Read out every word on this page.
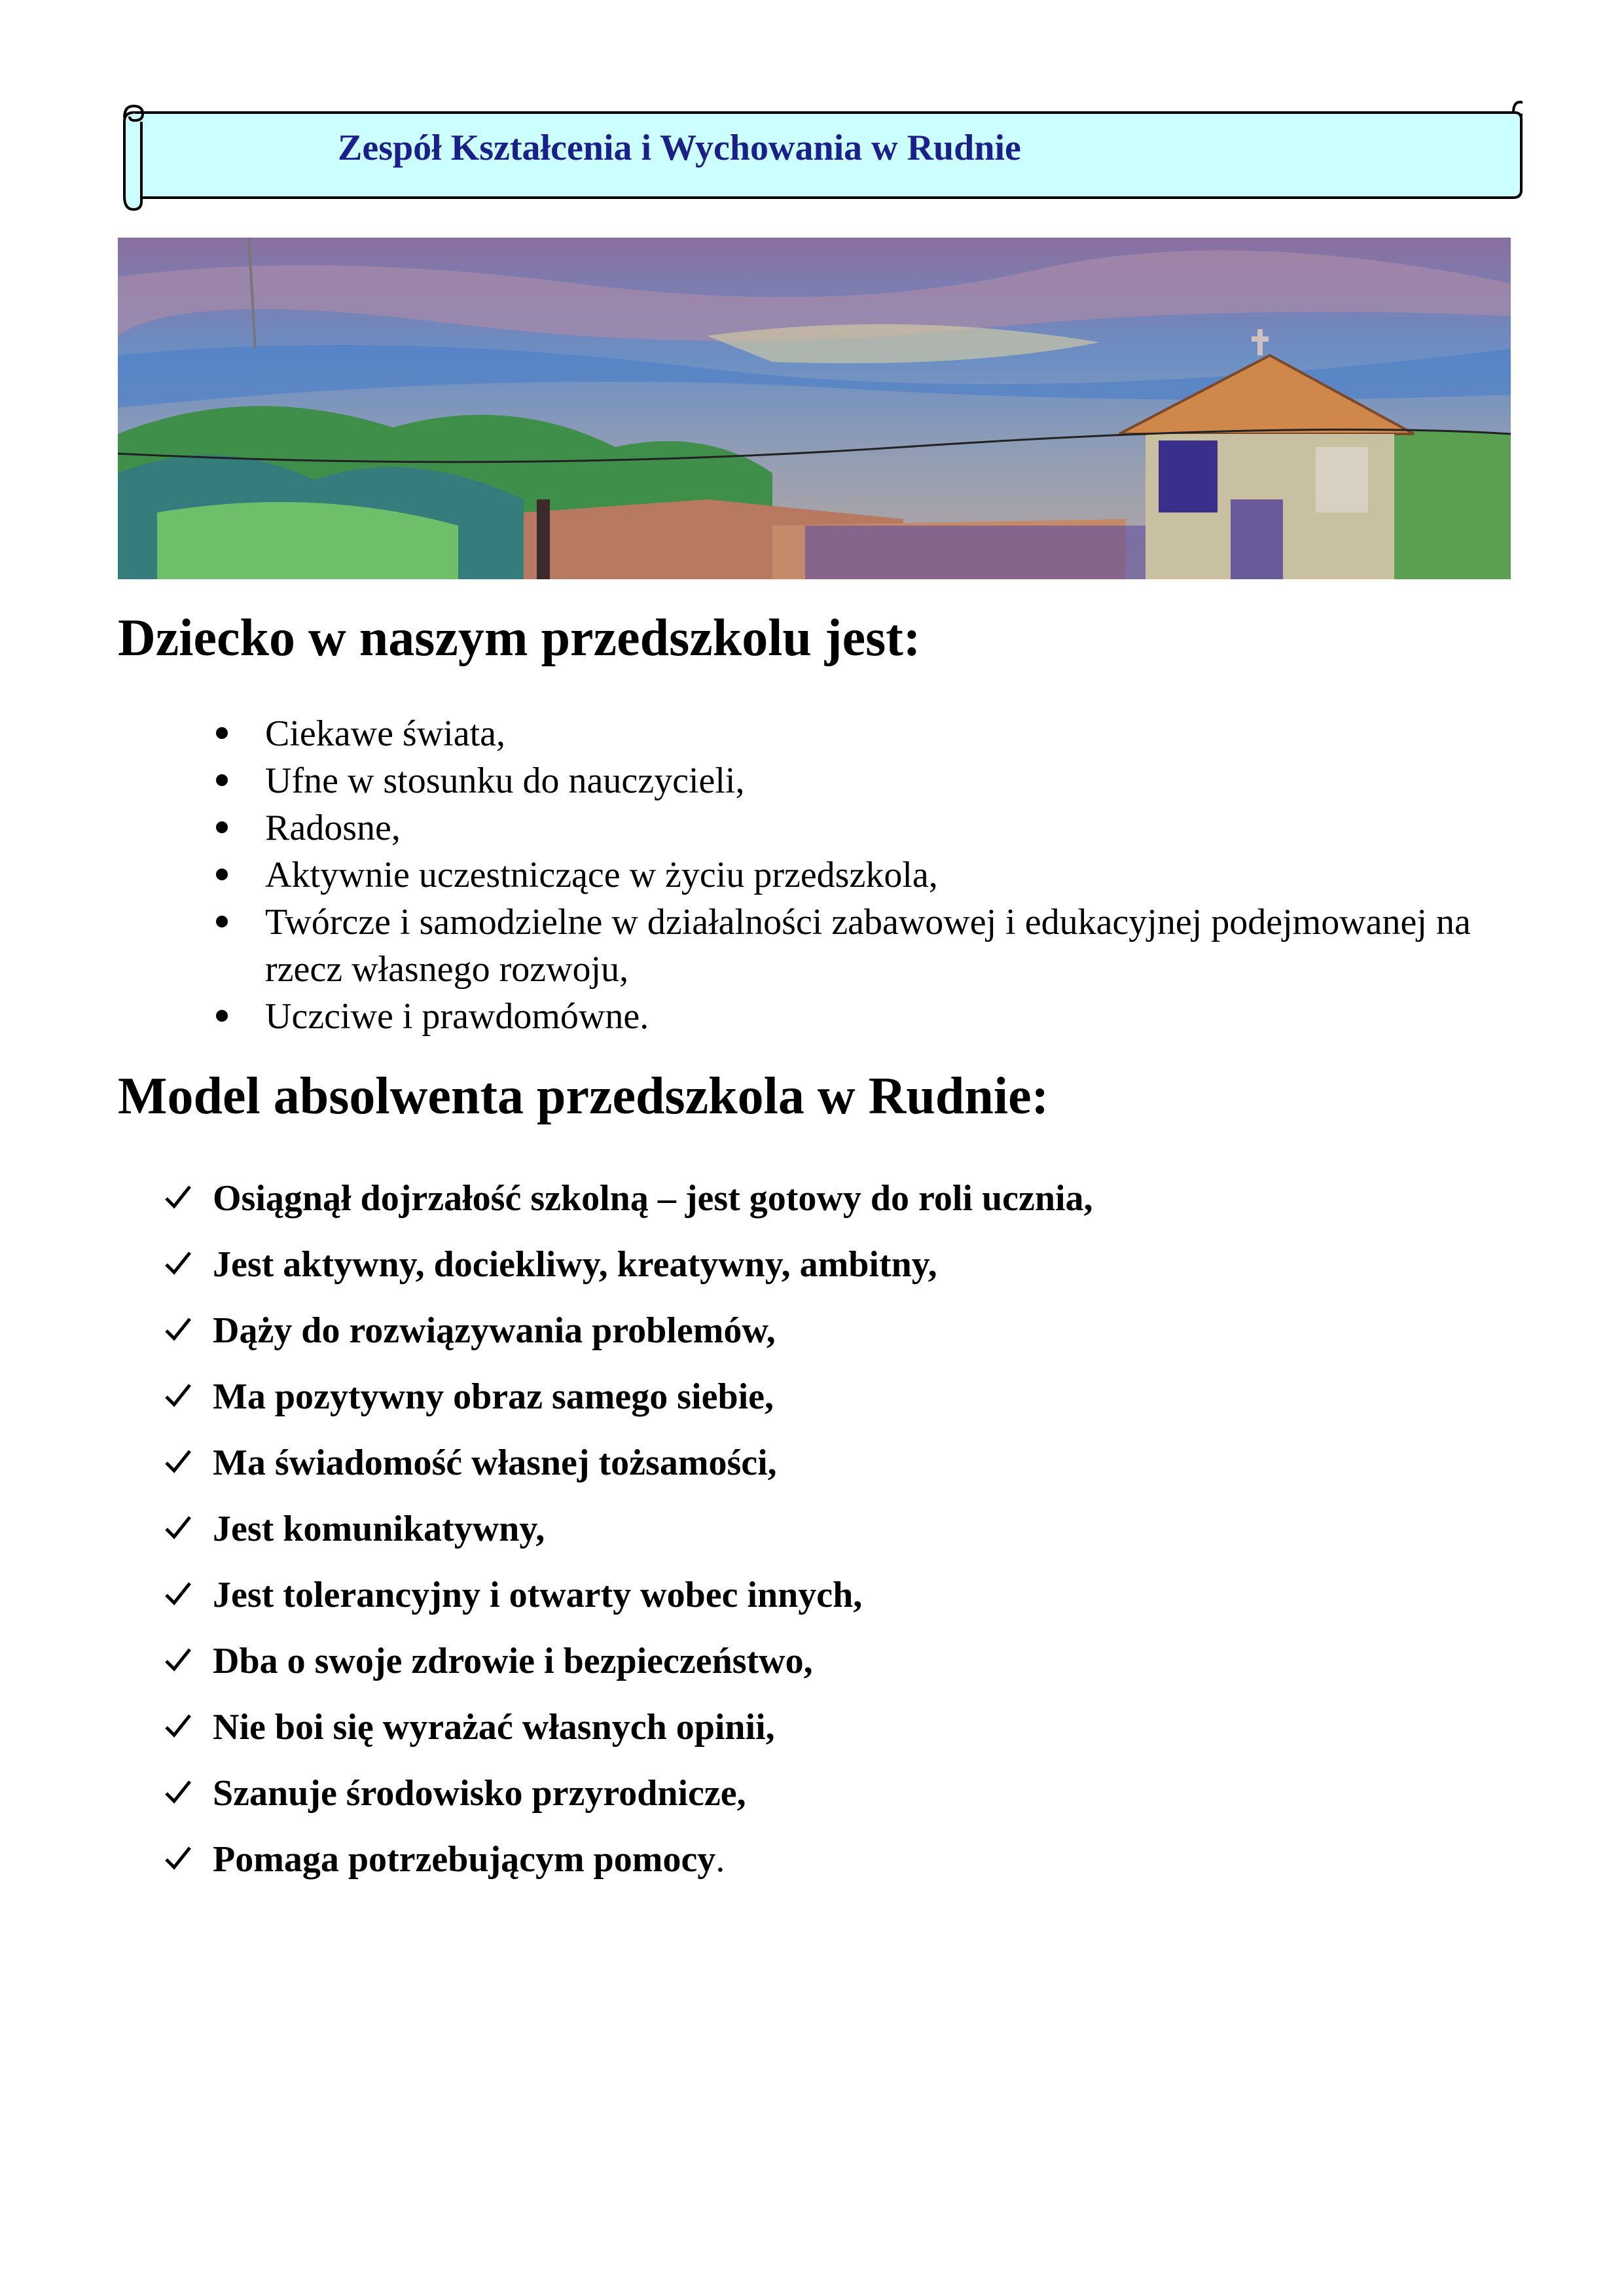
Zespół Kształcenia i Wychowania w Rudnie
Dziecko w naszym przedszkolu jest:
Ciekawe świata,
Ufne w stosunku do nauczycieli,
Radosne,
Aktywnie uczestniczące w życiu przedszkola,
Twórcze i samodzielne w działalności zabawowej i edukacyjnej podejmowanej na rzecz własnego rozwoju,
Uczciwe i prawdomówne.
Model absolwenta przedszkola w Rudnie:
Osiągnął dojrzałość szkolną – jest gotowy do roli ucznia,
Jest aktywny, dociekliwy, kreatywny, ambitny,
Dąży do rozwiązywania problemów,
Ma pozytywny obraz samego siebie,
Ma świadomość własnej tożsamości,
Jest komunikatywny,
Jest tolerancyjny i otwarty wobec innych,
Dba o swoje zdrowie i bezpieczeństwo,
Nie boi się wyrażać własnych opinii,
Szanuje środowisko przyrodnicze,
Pomaga potrzebującym pomocy.
